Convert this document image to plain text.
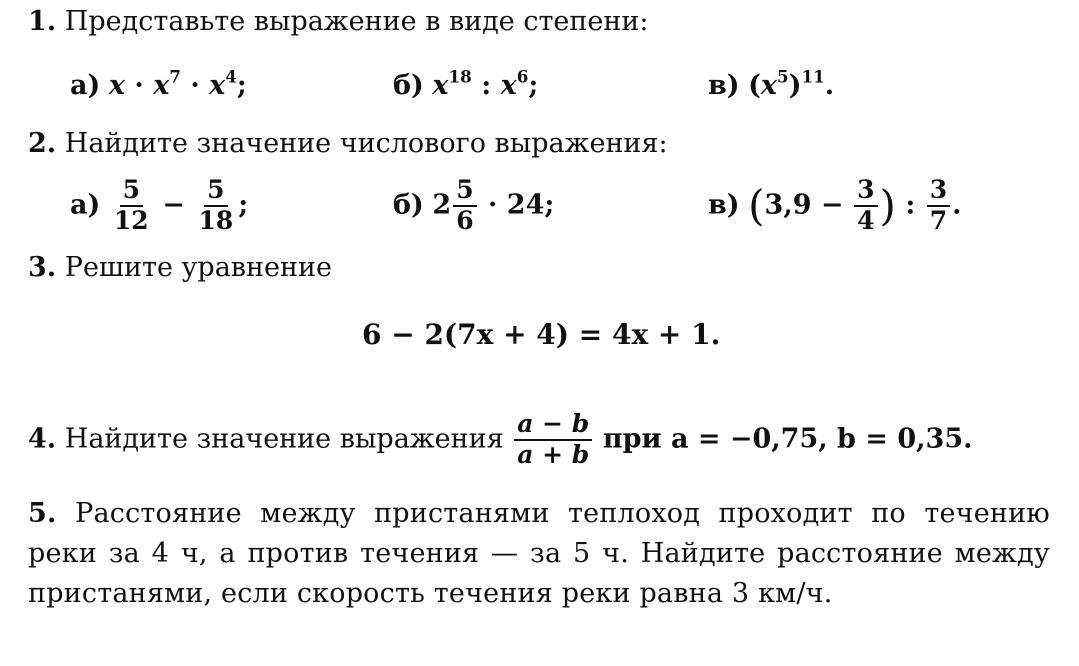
1. Представьте выражение в виде степени:
а) $x \cdot x^7 \cdot x^4$;	б) $x^{18}$ : $x^6$;	в) $(x^5)^{11}$.
2. Найдите значение числового выражения:
$а) \frac{5}{12} - \frac{5}{18}$ ;	б) $2 \frac{5}{6} \cdot 24$;	в) ($3,9 - \frac{3}{4}$ ) : $\frac{3}{7}$ .
3. Решите уравнение
6 − 2(7x + 4) = 4x + 1.
4. Найдите значение выражения $\frac{a - b}{a + b}$ при a = −0,75, b = 0,35.
5. Расстояние между пристанями теплоход проходит по течению реки за 4 ч, а против течения — за 5 ч. Найдите расстояние между пристанями, если скорость течения реки равна 3 км/ч.
